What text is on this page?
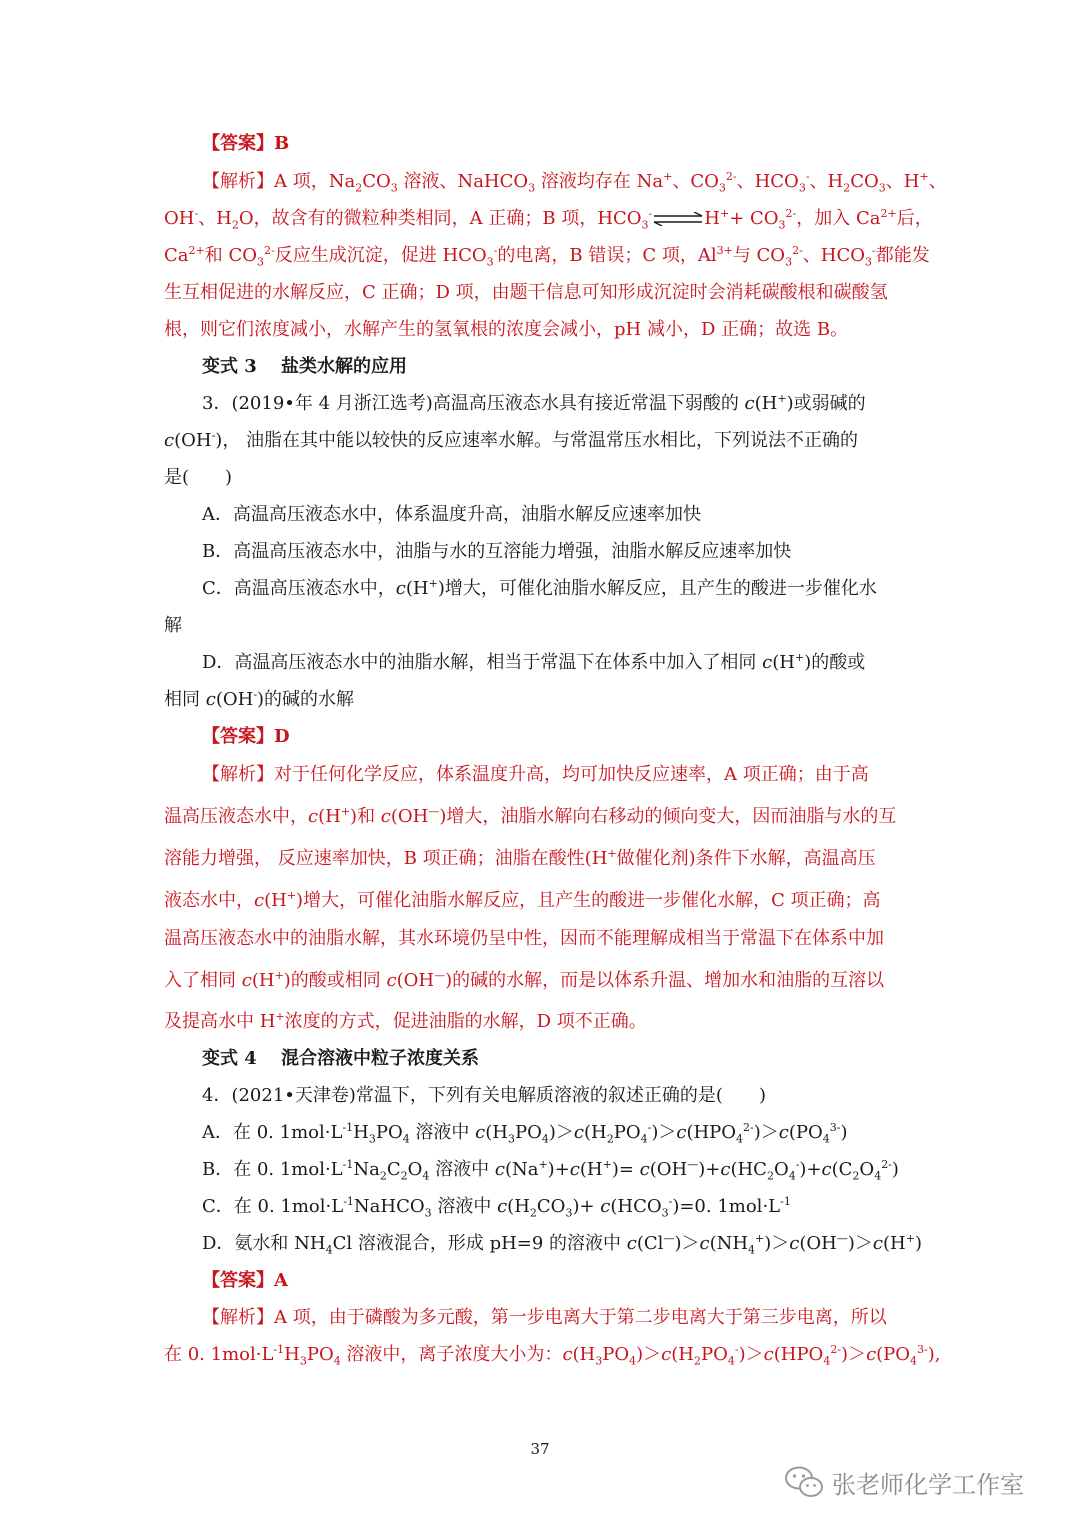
【答案】B
【解析】A 项，$Na_2CO_3$ 溶液、NaHCO$_3$ 溶液均存在 Na+、$CO_3^{2-}$、$HCO_3^-$、$H_2CO_3$、H+、
OH-、$H_2O$，故含有的微粒种类相同，A 正确；B 项，$HCO_3^-\rightleftharpoons H^++ CO_3^{2-}$，加入 $Ca^{2+}$后，
$Ca^{2+}$和 $CO_3^{2-}$反应生成沉淀，促进 $HCO_3^-$的电离，B 错误；C 项，$Al^{3+}$与 $CO_3^{2-}$、$HCO_3^-$都能发
生互相促进的水解反应，C 正确；D 项，由题干信息可知形成沉淀时会消耗碳酸根和碳酸氢
根，则它们浓度减小，水解产生的氢氧根的浓度会减小，pH 减小，D 正确；故选 B。
变式 3　 盐类水解的应用
3．(2019•年 4 月浙江选考)高温高压液态水具有接近常温下弱酸的 c(H+)或弱碱的
c(OH-)， 油脂在其中能以较快的反应速率水解。与常温常压水相比，下列说法不正确的
是(　　)
A．高温高压液态水中，体系温度升高，油脂水解反应速率加快
B．高温高压液态水中，油脂与水的互溶能力增强，油脂水解反应速率加快
C．高温高压液态水中，c(H+)增大，可催化油脂水解反应，且产生的酸进一步催化水
解
D．高温高压液态水中的油脂水解，相当于常温下在体系中加入了相同 c(H+)的酸或
相同 c(OH-)的碱的水解
【答案】D
【解析】对于任何化学反应，体系温度升高，均可加快反应速率，A 项正确；由于高
温高压液态水中，c(H+)和 c(OH—)增大，油脂水解向右移动的倾向变大，因而油脂与水的互
溶能力增强， 反应速率加快，B 项正确；油脂在酸性(H+做催化剂)条件下水解，高温高压
液态水中，c(H+)增大，可催化油脂水解反应，且产生的酸进一步催化水解，C 项正确；高
温高压液态水中的油脂水解，其水环境仍呈中性，因而不能理解成相当于常温下在体系中加
入了相同 c(H+)的酸或相同 c(OH—)的碱的水解，而是以体系升温、增加水和油脂的互溶以
及提高水中 H+浓度的方式，促进油脂的水解，D 项不正确。
变式 4　 混合溶液中粒子浓度关系
4．(2021•天津卷)常温下，下列有关电解质溶液的叙述正确的是(　　)
A．在 0. $1mol\cdot L^{-1}H_3PO_4$ 溶液中 $c(H_3PO_4)>c(H_2PO_4^-)>c(HPO_4^{2-})>c(PO_4^{3-})$
B．在 0. $1mol\cdot L^{-1}Na_2C_2O_4$ 溶液中 $c(Na^+)+c(H^+)= c(OH^—)+c(HC_2O_4^-)+c(C_2O_4^{2-})$
C．在 0. $1mol\cdot L^{-1}NaHCO_3$ 溶液中 $c(H_2CO_3)+ c(HCO_3^-)=0$. $1mol\cdot L^{-1}$
D．氨水和 $NH_4Cl$ 溶液混合，形成 pH=9 的溶液中 $c(Cl^—)>c(NH_4^+)>c(OH^—)>c(H^+)$
【答案】A
【解析】A 项，由于磷酸为多元酸，第一步电离大于第二步电离大于第三步电离，所以
在 0. $1mol\cdot L^{-1}H_3PO_4$ 溶液中，离子浓度大小为：$c(H_3PO_4)>c(H_2PO_4^-)>c(HPO_4^{2-})>c(PO_4^{3-})$,
37
张老师化学工作室
